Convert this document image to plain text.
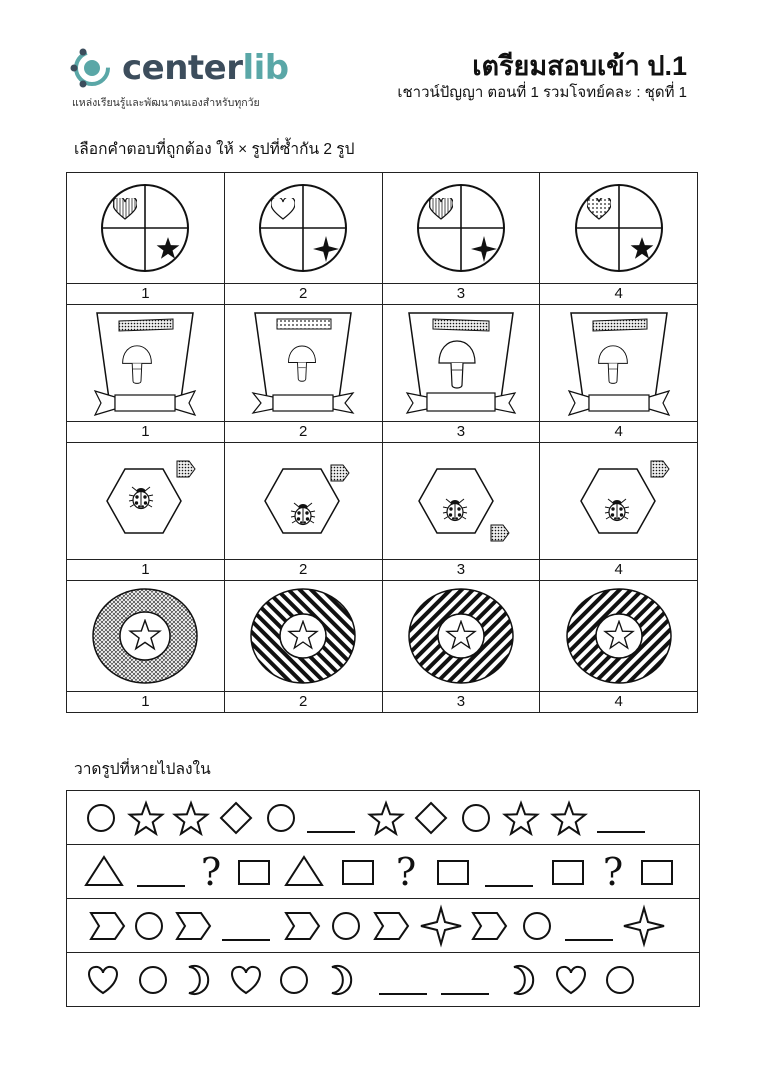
centerlib
แหล่งเรียนรู้และพัฒนาตนเองสำหรับทุกวัย
เตรียมสอบเข้า ป.1
เชาวน์ปัญญา ตอนที่ 1 รวมโจทย์คละ : ชุดที่ 1
เลือกคำตอบที่ถูกต้อง ให้ × รูปที่ซ้ำกัน 2 รูป

1	2	3	4

1	2	3	4

1	2	3	4

1	2	3	4
วาดรูปที่หายไปลงใน
?	?	?
